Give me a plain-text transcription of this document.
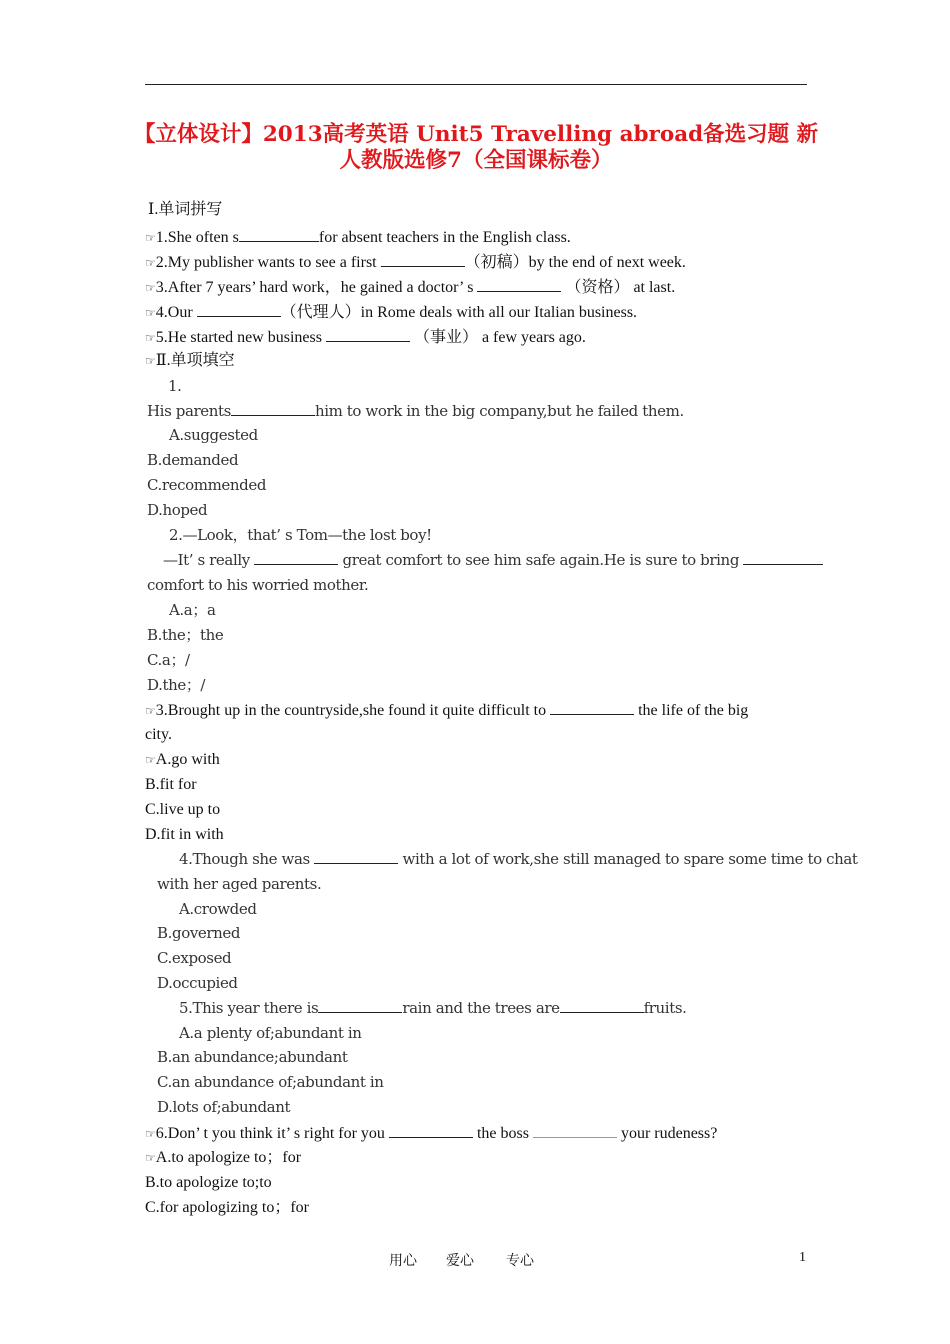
【立体设计】2013高考英语 Unit5 Travelling abroad备选习题 新
人教版选修7（全国课标卷）
Ⅰ.单词拼写
☞1.She often s	for absent teachers in the English class.
☞2.My publisher wants to see a first	（初稿）by the end of next week.
☞3.After 7 years’ hard work，he gained a doctor’ s	（资格） at last.
☞4.Our	（代理人）in Rome deals with all our Italian business.
☞5.He started new business	（事业） a few years ago.
☞Ⅱ.单项填空
1.
His parents	him to work in the big company,but he failed them.
A.suggested
B.demanded
C.recommended
D.hoped
2.—Look，that’ s Tom—the lost boy!
—It’ s really	great comfort to see him safe again.He is sure to bring
comfort to his worried mother.
A.a；a
B.the；the
C.a；/
D.the；/
☞3.Brought up in the countryside,she found it quite difficult to	the life of the big
city.
☞A.go with
B.fit for
C.live up to
D.fit in with
4.Though she was	with a lot of work,she still managed to spare some time to chat
with her aged parents.
A.crowded
B.governed
C.exposed
D.occupied
5.This year there is	rain and the trees are	fruits.
A.a plenty of;abundant in
B.an abundance;abundant
C.an abundance of;abundant in
D.lots of;abundant
☞6.Don’ t you think it’ s right for you	the boss	your rudeness?
☞A.to apologize to；for
B.to apologize to;to
C.for apologizing to；for
用心 爱心 专心	1
